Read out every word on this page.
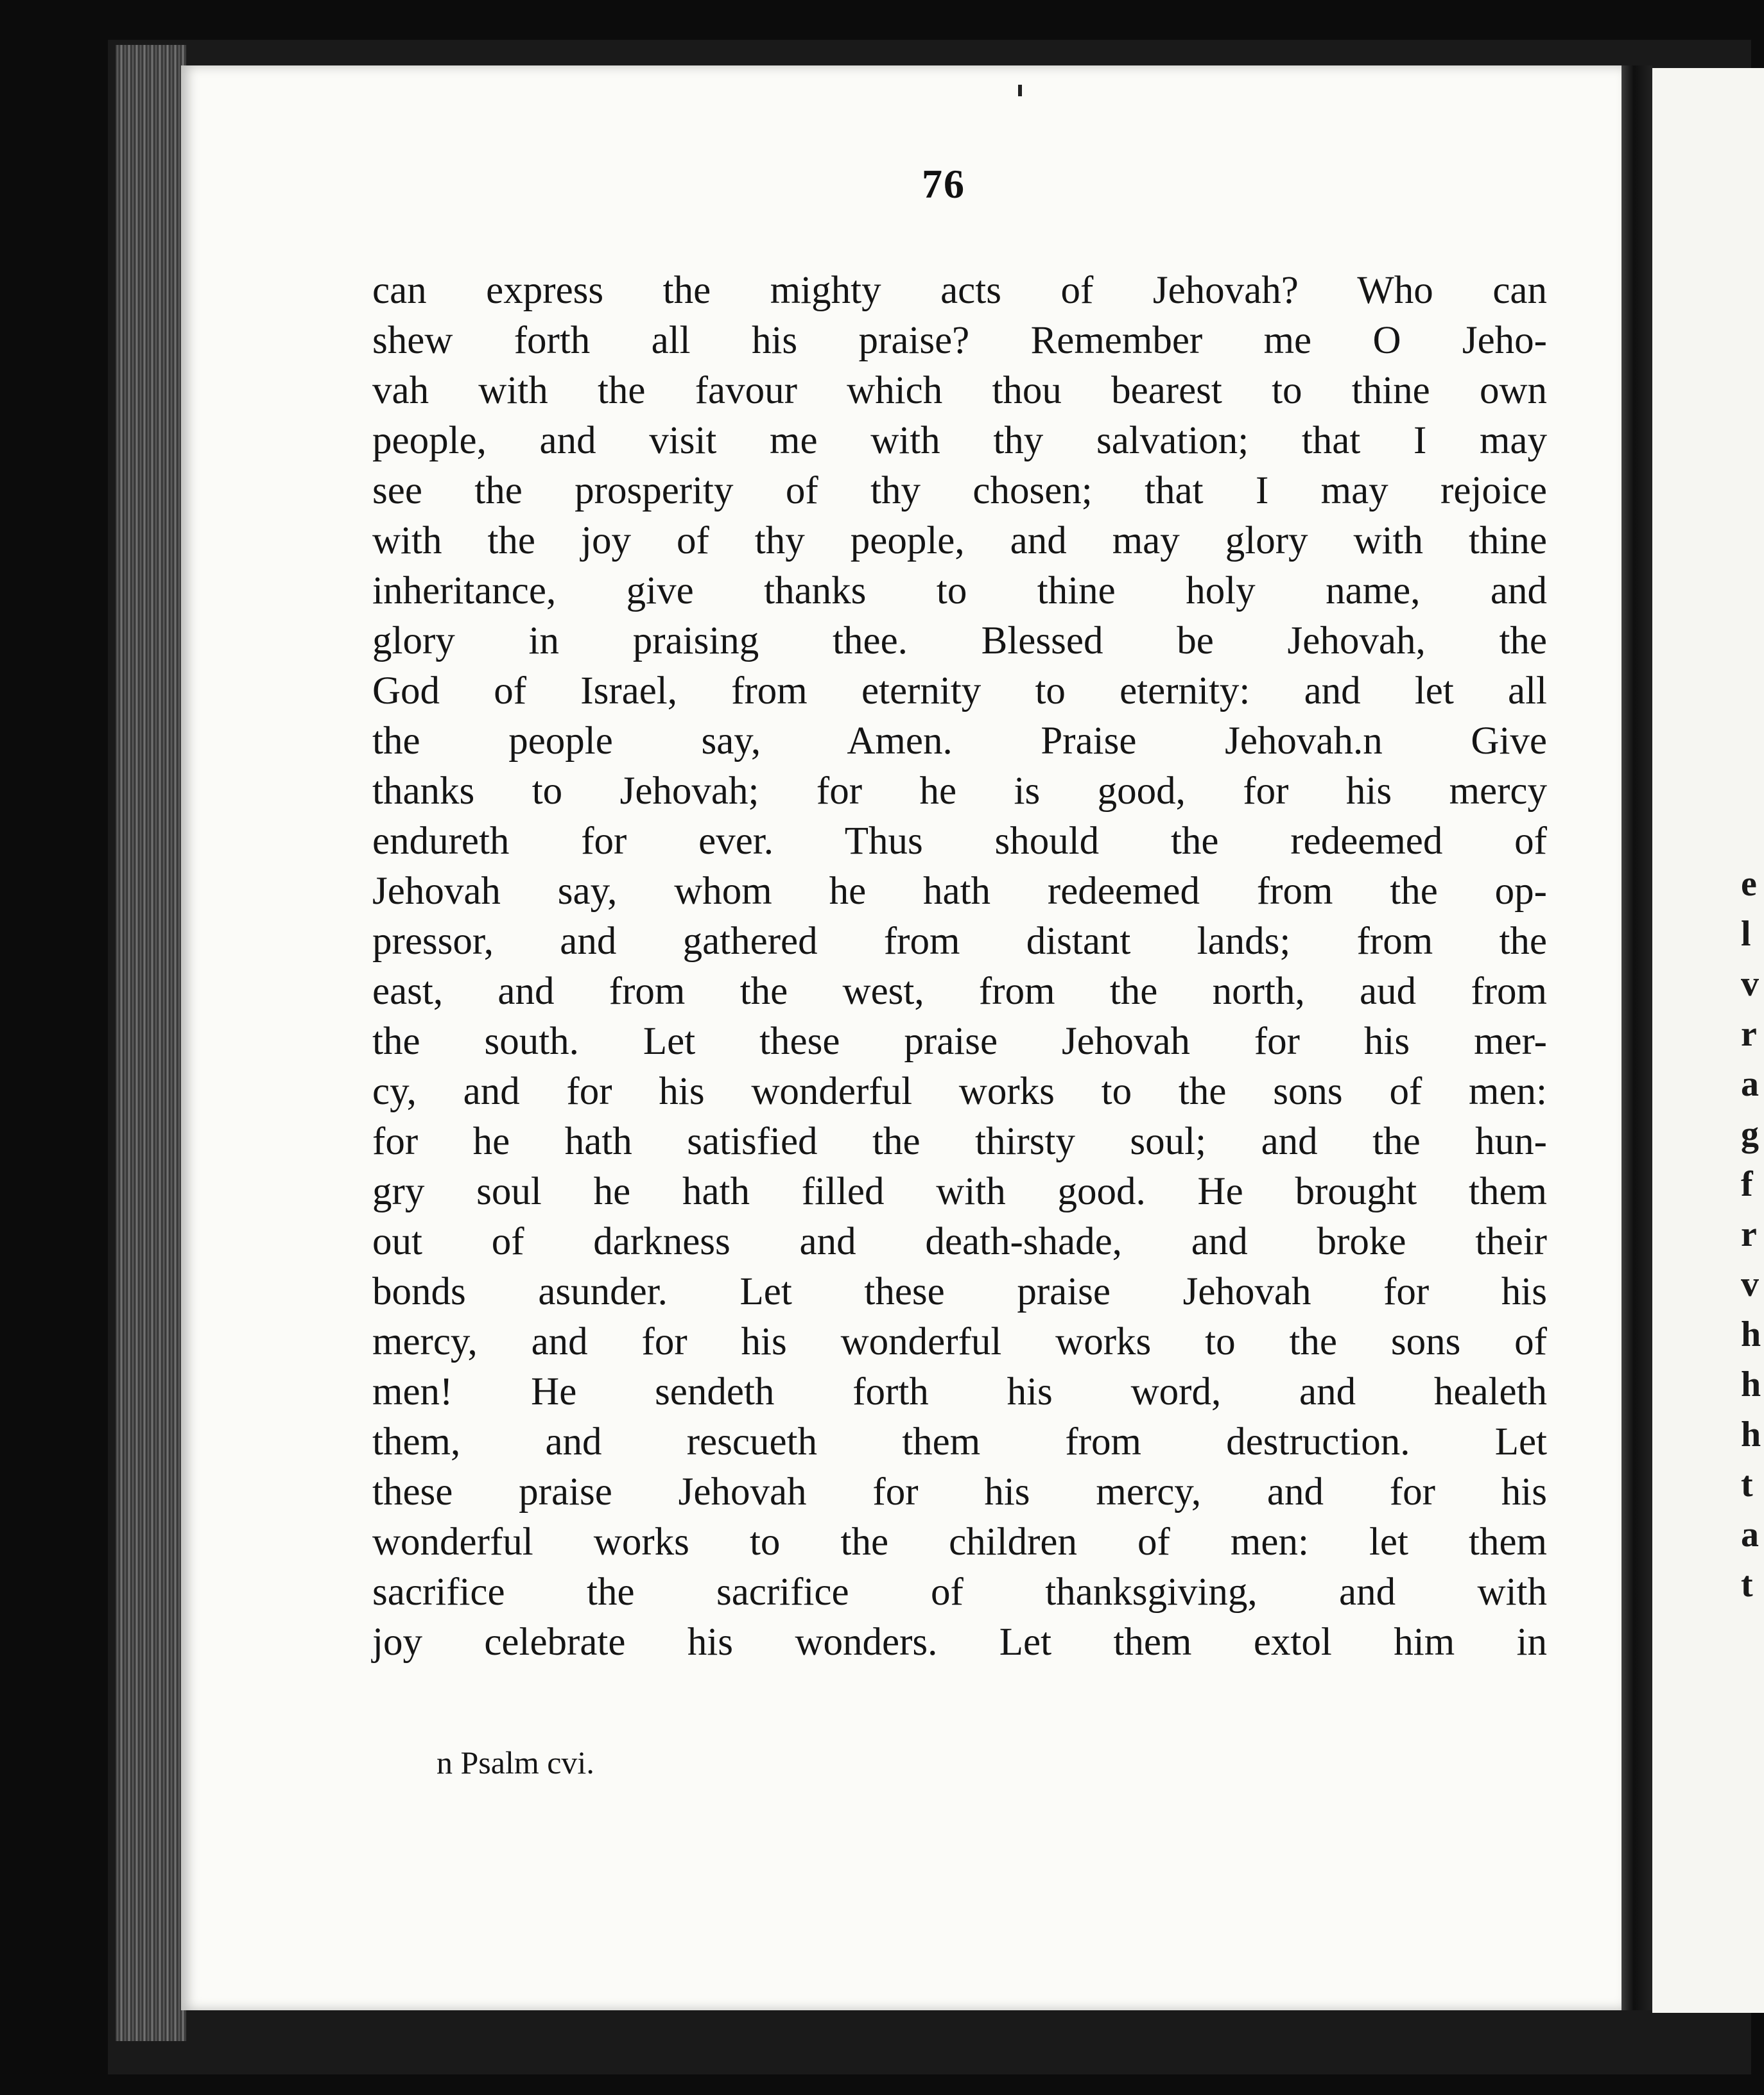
e
l
v
r
a
g
f
r
v
h
h
h
t
a
t
76
can express the mighty acts of Jehovah? Who can
shew forth all his praise? Remember me O Jeho-
vah with the favour which thou bearest to thine own
people, and visit me with thy salvation; that I may
see the prosperity of thy chosen; that I may rejoice
with the joy of thy people, and may glory with thine
inheritance, give thanks to thine holy name, and
glory in praising thee. Blessed be Jehovah, the
God of Israel, from eternity to eternity: and let all
the people say, Amen. Praise Jehovah.n Give
thanks to Jehovah; for he is good, for his mercy
endureth for ever. Thus should the redeemed of
Jehovah say, whom he hath redeemed from the op-
pressor, and gathered from distant lands; from the
east, and from the west, from the north, aud from
the south. Let these praise Jehovah for his mer-
cy, and for his wonderful works to the sons of men:
for he hath satisfied the thirsty soul; and the hun-
gry soul he hath filled with good. He brought them
out of darkness and death-shade, and broke their
bonds asunder. Let these praise Jehovah for his
mercy, and for his wonderful works to the sons of
men! He sendeth forth his word, and healeth
them, and rescueth them from destruction. Let
these praise Jehovah for his mercy, and for his
wonderful works to the children of men: let them
sacrifice the sacrifice of thanksgiving, and with
joy celebrate his wonders. Let them extol him in
n Psalm cvi.
